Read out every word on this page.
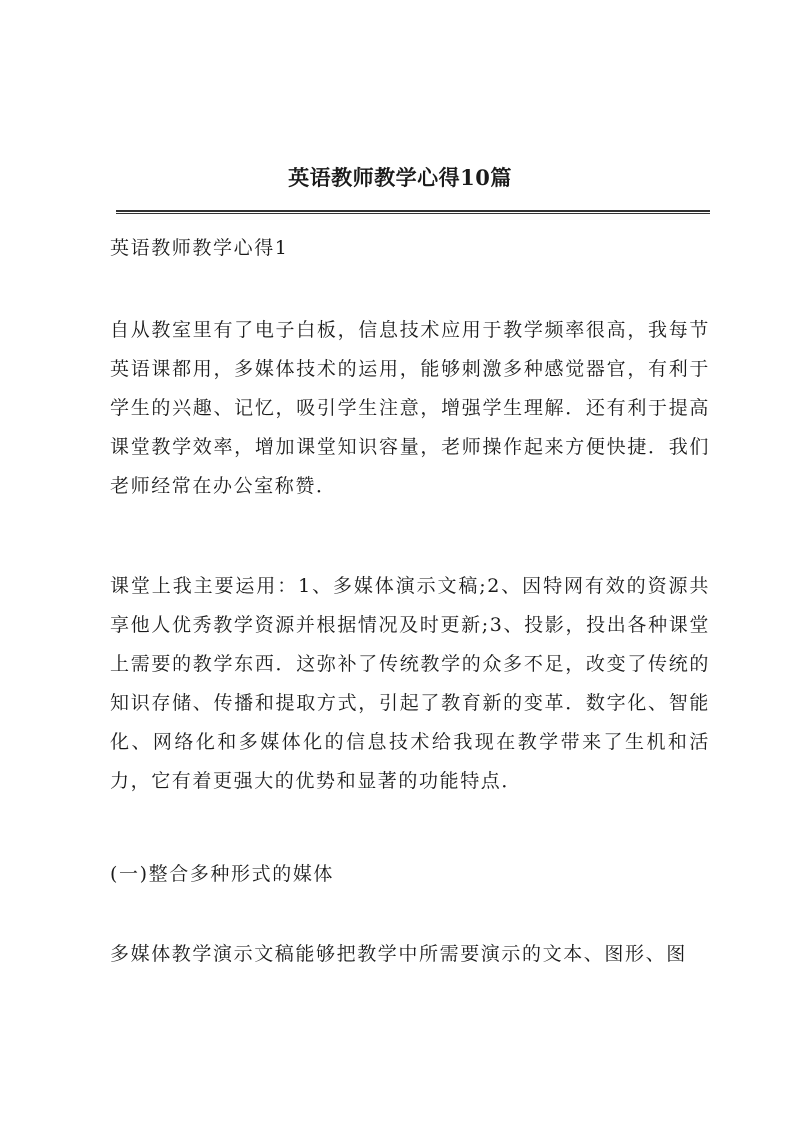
英语教师教学心得10篇

英语教师教学心得1

自从教室里有了电子白板，信息技术应用于教学频率很高，我每节英语课都用，多媒体技术的运用，能够刺激多种感觉器官，有利于学生的兴趣、记忆，吸引学生注意，增强学生理解．还有利于提高课堂教学效率，增加课堂知识容量，老师操作起来方便快捷．我们老师经常在办公室称赞．

课堂上我主要运用：1、多媒体演示文稿;2、因特网有效的资源共享他人优秀教学资源并根据情况及时更新;3、投影，投出各种课堂上需要的教学东西．这弥补了传统教学的众多不足，改变了传统的知识存储、传播和提取方式，引起了教育新的变革．数字化、智能化、网络化和多媒体化的信息技术给我现在教学带来了生机和活力，它有着更强大的优势和显著的功能特点．

(一)整合多种形式的媒体

多媒体教学演示文稿能够把教学中所需要演示的文本、图形、图
